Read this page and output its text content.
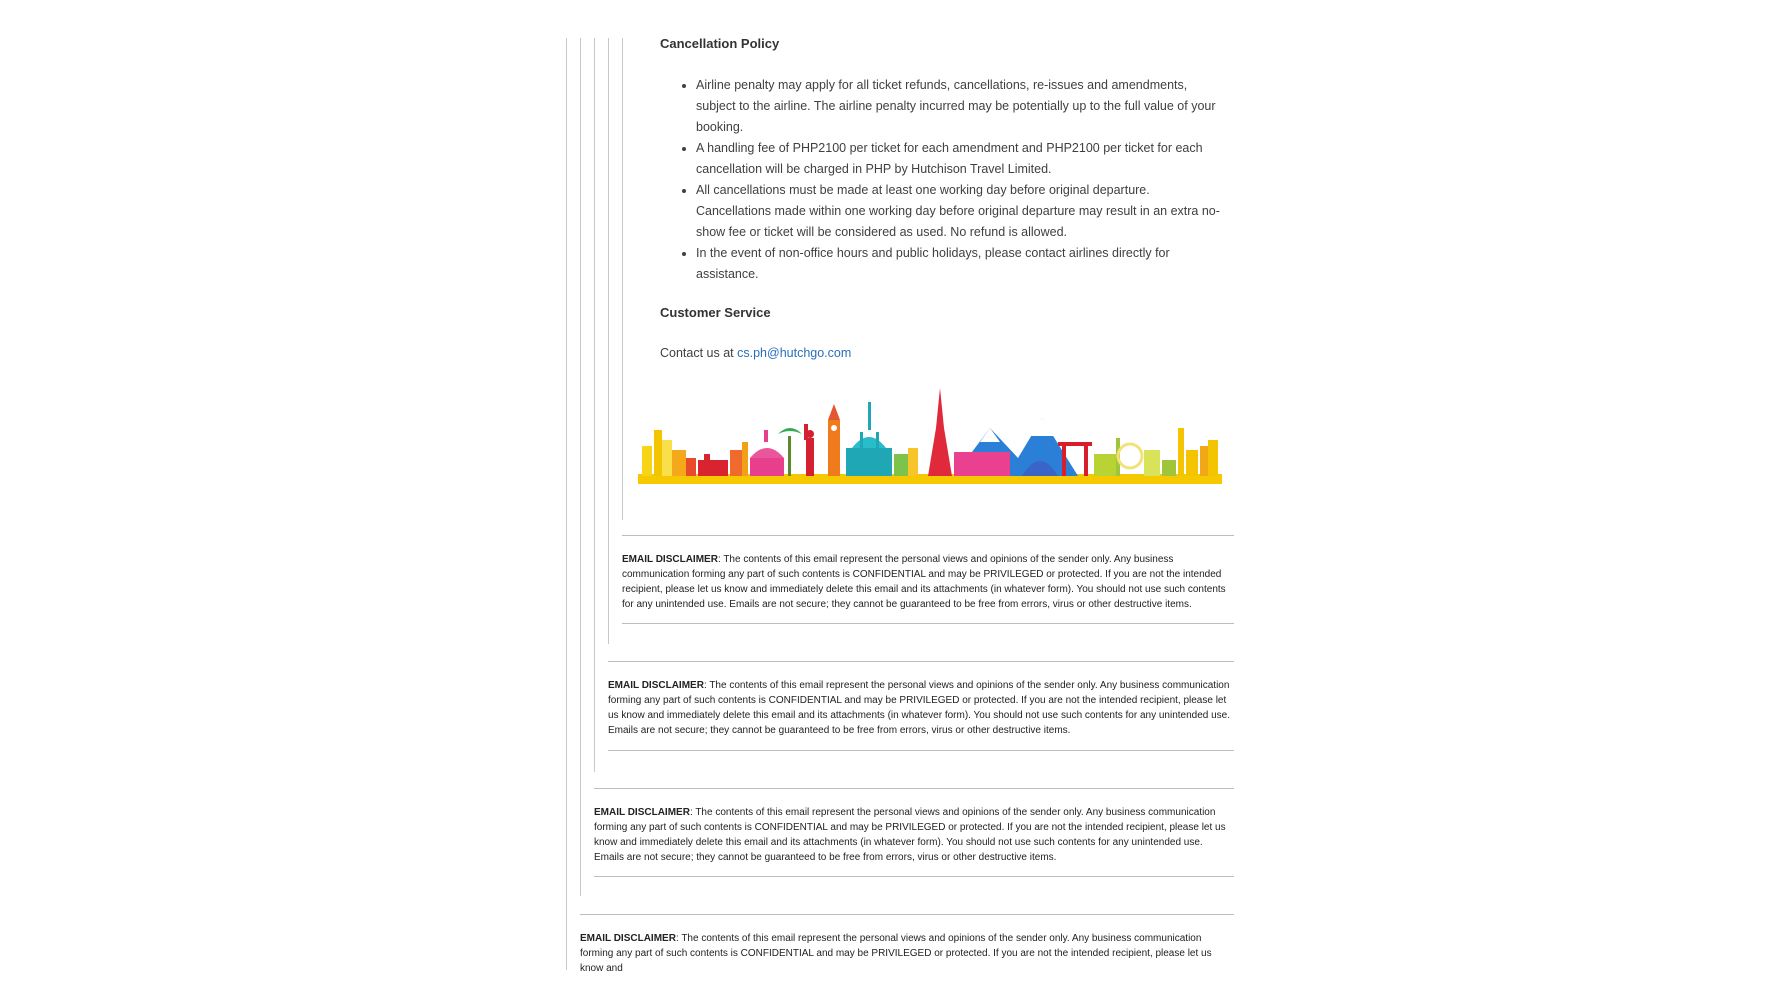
Cancellation Policy
• Airline penalty may apply for all ticket refunds, cancellations, re-issues and amendments, subject to the airline. The airline penalty incurred may be potentially up to the full value of your booking.
• A handling fee of PHP2100 per ticket for each amendment and PHP2100 per ticket for each cancellation will be charged in PHP by Hutchison Travel Limited.
• All cancellations must be made at least one working day before original departure. Cancellations made within one working day before original departure may result in an extra no-show fee or ticket will be considered as used. No refund is allowed.
• In the event of non-office hours and public holidays, please contact airlines directly for assistance.
Customer Service
Contact us at cs.ph@hutchgo.com

EMAIL DISCLAIMER: The contents of this email represent the personal views and opinions of the sender only. Any business communication forming any part of such contents is CONFIDENTIAL and may be PRIVILEGED or protected. If you are not the intended recipient, please let us know and immediately delete this email and its attachments (in whatever form). You should not use such contents for any unintended use. Emails are not secure; they cannot be guaranteed to be free from errors, virus or other destructive items.

EMAIL DISCLAIMER: The contents of this email represent the personal views and opinions of the sender only. Any business communication forming any part of such contents is CONFIDENTIAL and may be PRIVILEGED or protected. If you are not the intended recipient, please let us know and immediately delete this email and its attachments (in whatever form). You should not use such contents for any unintended use. Emails are not secure; they cannot be guaranteed to be free from errors, virus or other destructive items.

EMAIL DISCLAIMER: The contents of this email represent the personal views and opinions of the sender only. Any business communication forming any part of such contents is CONFIDENTIAL and may be PRIVILEGED or protected. If you are not the intended recipient, please let us know and immediately delete this email and its attachments (in whatever form). You should not use such contents for any unintended use. Emails are not secure; they cannot be guaranteed to be free from errors, virus or other destructive items.

EMAIL DISCLAIMER: The contents of this email represent the personal views and opinions of the sender only. Any business communication forming any part of such contents is CONFIDENTIAL and may be PRIVILEGED or protected. If you are not the intended recipient, please let us know and
